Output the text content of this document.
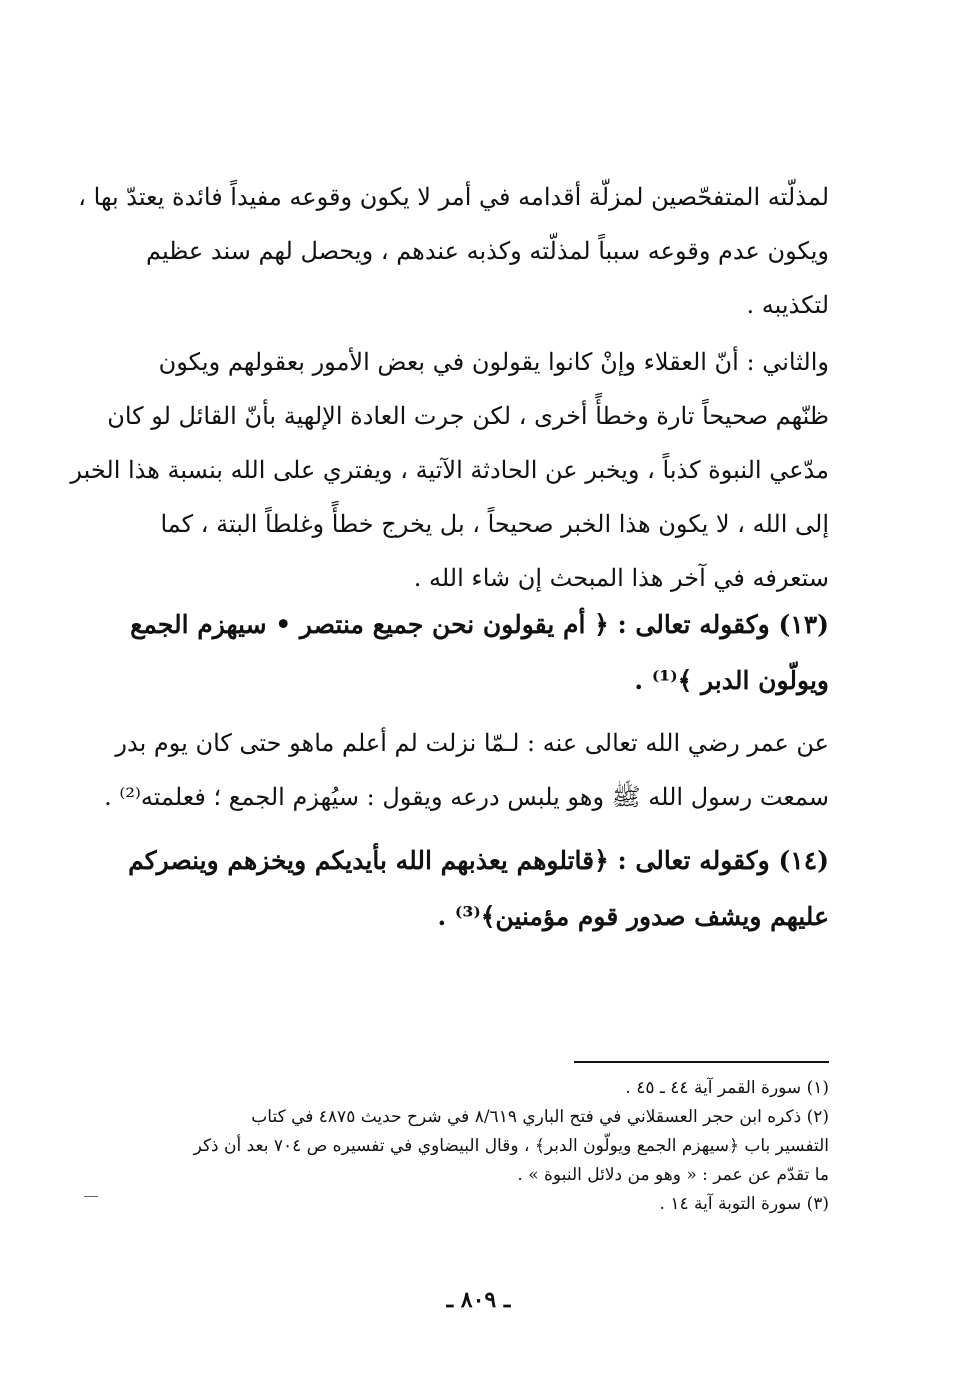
لمذلّته المتفحّصين لمزلّة أقدامه في أمر لا يكون وقوعه مفيداً فائدة يعتدّ بها ،
ويكون عدم وقوعه سبباً لمذلّته وكذبه عندهم ، ويحصل لهم سند عظيم
لتكذيبه .
والثاني : أنّ العقلاء وإنْ كانوا يقولون في بعض الأمور بعقولهم ويكون
ظنّهم صحيحاً تارة وخطأً أخرى ، لكن جرت العادة الإلهية بأنّ القائل لو كان
مدّعي النبوة كذباً ، ويخبر عن الحادثة الآتية ، ويفتري على الله بنسبة هذا الخبر
إلى الله ، لا يكون هذا الخبر صحيحاً ، بل يخرج خطأً وغلطاً البتة ، كما
ستعرفه في آخر هذا المبحث إن شاء الله .
(١٣) وكقوله تعالى : ﴿ أم يقولون نحن جميع منتصر • سيهزم الجمع
ويولّون الدبر ﴾⁽¹⁾ .
عن عمر رضي الله تعالى عنه : لـمّا نزلت لم أعلم ماهو حتى كان يوم بدر
سمعت رسول الله ﷺ وهو يلبس درعه ويقول : سيُهزم الجمع ؛ فعلمته⁽²⁾ .
(١٤) وكقوله تعالى : ﴿قاتلوهم يعذبهم الله بأيديكم ويخزهم وينصركم
عليهم ويشف صدور قوم مؤمنين﴾⁽³⁾ .
(١) سورة القمر آية ٤٤ ـ ٤٥ .
(٢) ذكره ابن حجر العسقلاني في فتح الباري ٨/٦١٩ في شرح حديث ٤٨٧٥ في كتاب
التفسير باب ﴿سيهزم الجمع ويولّون الدبر﴾ ، وقال البيضاوي في تفسيره ص ٧٠٤ بعد أن ذكر
ما تقدّم عن عمر : « وهو من دلائل النبوة » .
(٣) سورة التوبة آية ١٤ .
ـ ٨٠٩ ـ
